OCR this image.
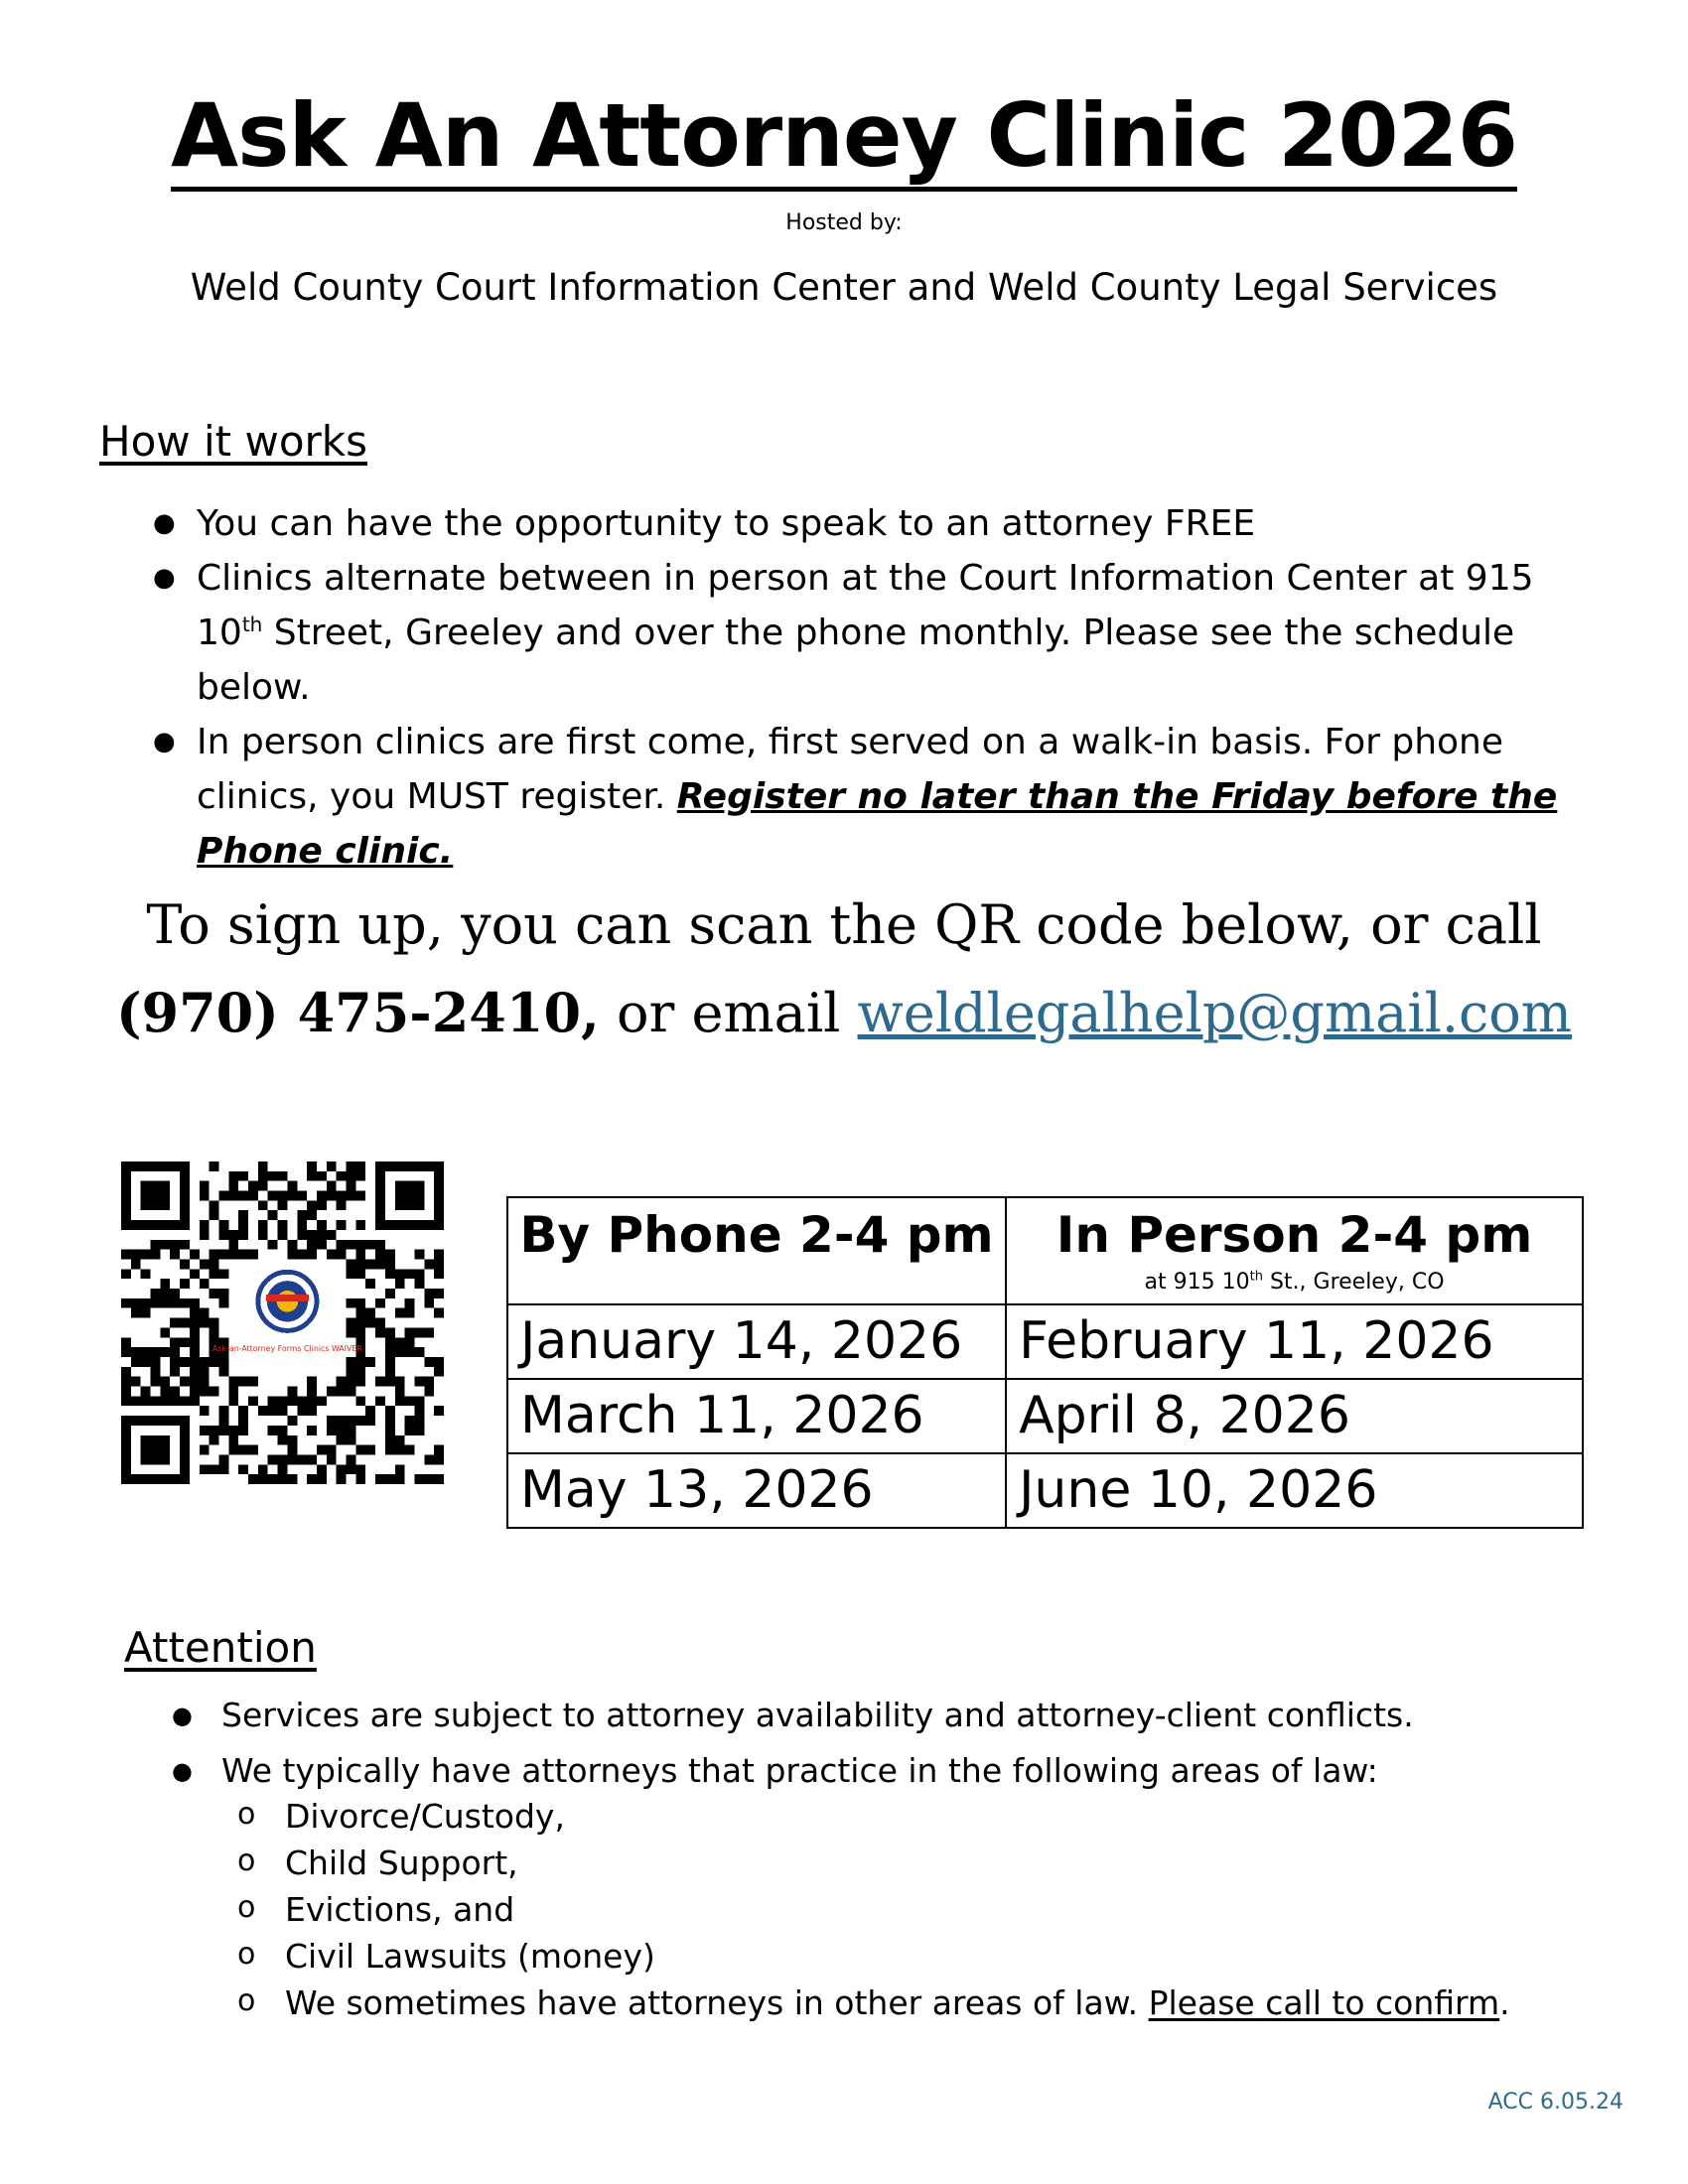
Ask An Attorney Clinic 2026
Hosted by:
Weld County Court Information Center and Weld County Legal Services
How it works
● You can have the opportunity to speak to an attorney FREE
● Clinics alternate between in person at the Court Information Center at 915 10th Street, Greeley and over the phone monthly. Please see the schedule below.
● In person clinics are first come, first served on a walk-in basis. For phone clinics, you MUST register. Register no later than the Friday before the Phone clinic.
To sign up, you can scan the QR code below, or call
(970) 475-2410, or email weldlegalhelp@gmail.com
By Phone 2-4 pm	In Person 2-4 pm
at 915 10th St., Greeley, CO

January 14, 2026	February 11, 2026
March 11, 2026	April 8, 2026
May 13, 2026	June 10, 2026
Attention
● Services are subject to attorney availability and attorney-client conflicts.
● We typically have attorneys that practice in the following areas of law:
o Divorce/Custody,
o Child Support,
o Evictions, and
o Civil Lawsuits (money)
o We sometimes have attorneys in other areas of law. Please call to confirm.
ACC 6.05.24
